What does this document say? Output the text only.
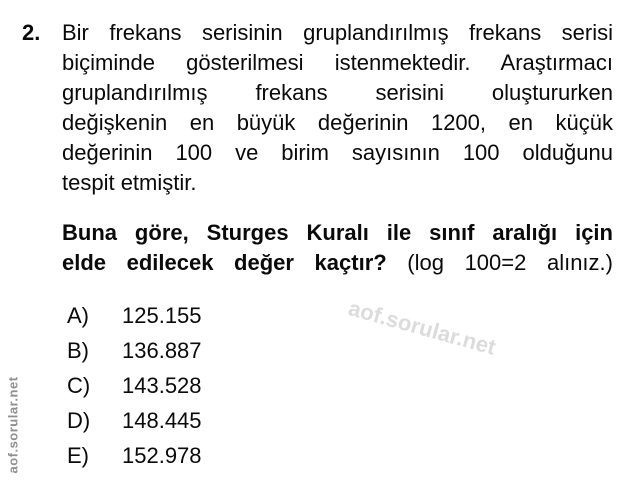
2. Bir frekans serisinin gruplandırılmış frekans serisi
biçiminde gösterilmesi istenmektedir. Araştırmacı
gruplandırılmış frekans serisini oluştururken
değişkenin en büyük değerinin 1200, en küçük
değerinin 100 ve birim sayısının 100 olduğunu
tespit etmiştir.
Buna göre, Sturges Kuralı ile sınıf aralığı için
elde edilecek değer kaçtır? (log 100=2 alınız.)
A)	125.155
B)	136.887
C)	143.528
D)	148.445
E)	152.978
aof.sorular.net
aof.sorular.net
